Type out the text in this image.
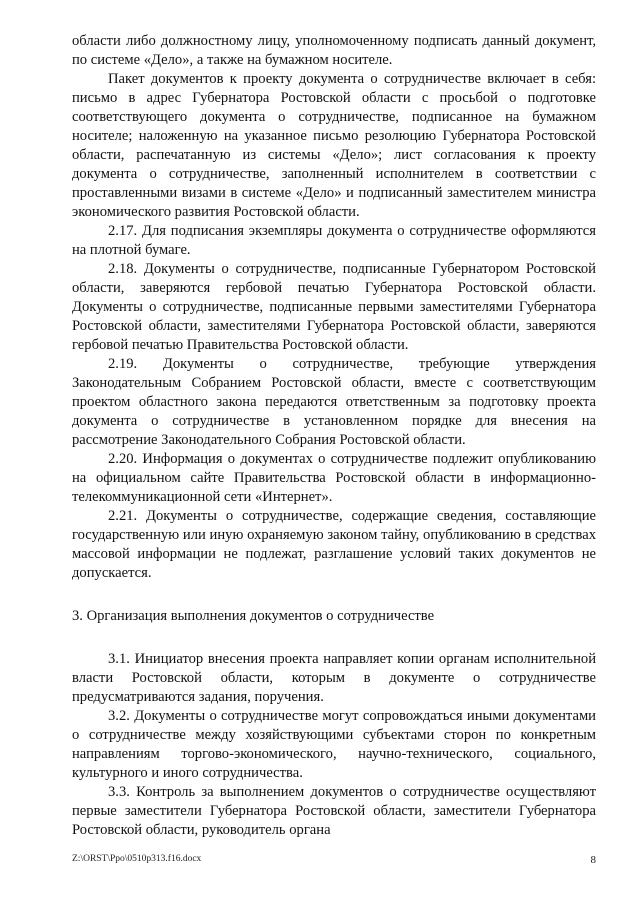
области либо должностному лицу, уполномоченному подписать данный документ, по системе «Дело», а также на бумажном носителе.

Пакет документов к проекту документа о сотрудничестве включает в себя: письмо в адрес Губернатора Ростовской области с просьбой о подготовке соответствующего документа о сотрудничестве, подписанное на бумажном носителе; наложенную на указанное письмо резолюцию Губернатора Ростовской области, распечатанную из системы «Дело»; лист согласования к проекту документа о сотрудничестве, заполненный исполнителем в соответствии с проставленными визами в системе «Дело» и подписанный заместителем министра экономического развития Ростовской области.

2.17. Для подписания экземпляры документа о сотрудничестве оформляются на плотной бумаге.

2.18. Документы о сотрудничестве, подписанные Губернатором Ростовской области, заверяются гербовой печатью Губернатора Ростовской области. Документы о сотрудничестве, подписанные первыми заместителями Губернатора Ростовской области, заместителями Губернатора Ростовской области, заверяются гербовой печатью Правительства Ростовской области.

2.19. Документы о сотрудничестве, требующие утверждения Законодательным Собранием Ростовской области, вместе с соответствующим проектом областного закона передаются ответственным за подготовку проекта документа о сотрудничестве в установленном порядке для внесения на рассмотрение Законодательного Собрания Ростовской области.

2.20. Информация о документах о сотрудничестве подлежит опубликованию на официальном сайте Правительства Ростовской области в информационно-телекоммуникационной сети «Интернет».

2.21. Документы о сотрудничестве, содержащие сведения, составляющие государственную или иную охраняемую законом тайну, опубликованию в средствах массовой информации не подлежат, разглашение условий таких документов не допускается.

3. Организация выполнения документов о сотрудничестве

3.1. Инициатор внесения проекта направляет копии органам исполнительной власти Ростовской области, которым в документе о сотрудничестве предусматриваются задания, поручения.

3.2. Документы о сотрудничестве могут сопровождаться иными документами о сотрудничестве между хозяйствующими субъектами сторон по конкретным направлениям торгово-экономического, научно-технического, социального, культурного и иного сотрудничества.

3.3. Контроль за выполнением документов о сотрудничестве осуществляют первые заместители Губернатора Ростовской области, заместители Губернатора Ростовской области, руководитель органа

Z:\ORST\Ppo\0510p313.f16.docx	8
